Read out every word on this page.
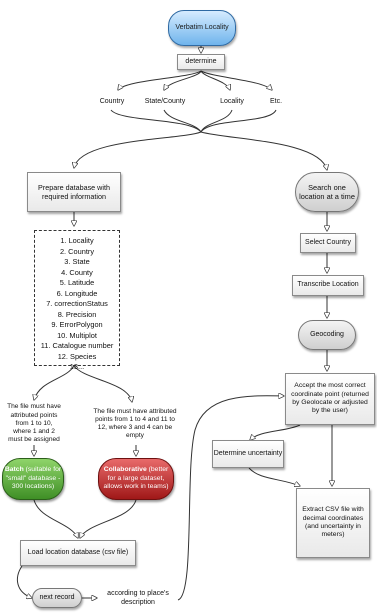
Verbatim Locality
determine
Country	State/County	Locality	Etc.
Prepare database with required information
1. Locality
2. Country
3. State
4. County
5. Latitude
6. Longitude
7. correctionStatus
8. Precision
9. ErrorPolygon
10. Multiplot
11. Catalogue number
12. Species
13...
The file must have attributed points from 1 to 10, where 1 and 2 must be assigned
The file must have attributed points from 1 to 4 and 11 to 12, where 3 and 4 can be empty
Batch (suitable for "small" database - 300 locations)
Collaborative (better for a large dataset, allows work in teams)
Load location database (csv file)
next record	according to place's description
Search one location at a time
Select Country
Transcribe Location
Geocoding
Accept the most correct coordinate point (returned by Geolocate or adjusted by the user)
Determine uncertainty
Extract CSV file with decimal coordinates (and uncertainty in meters)
